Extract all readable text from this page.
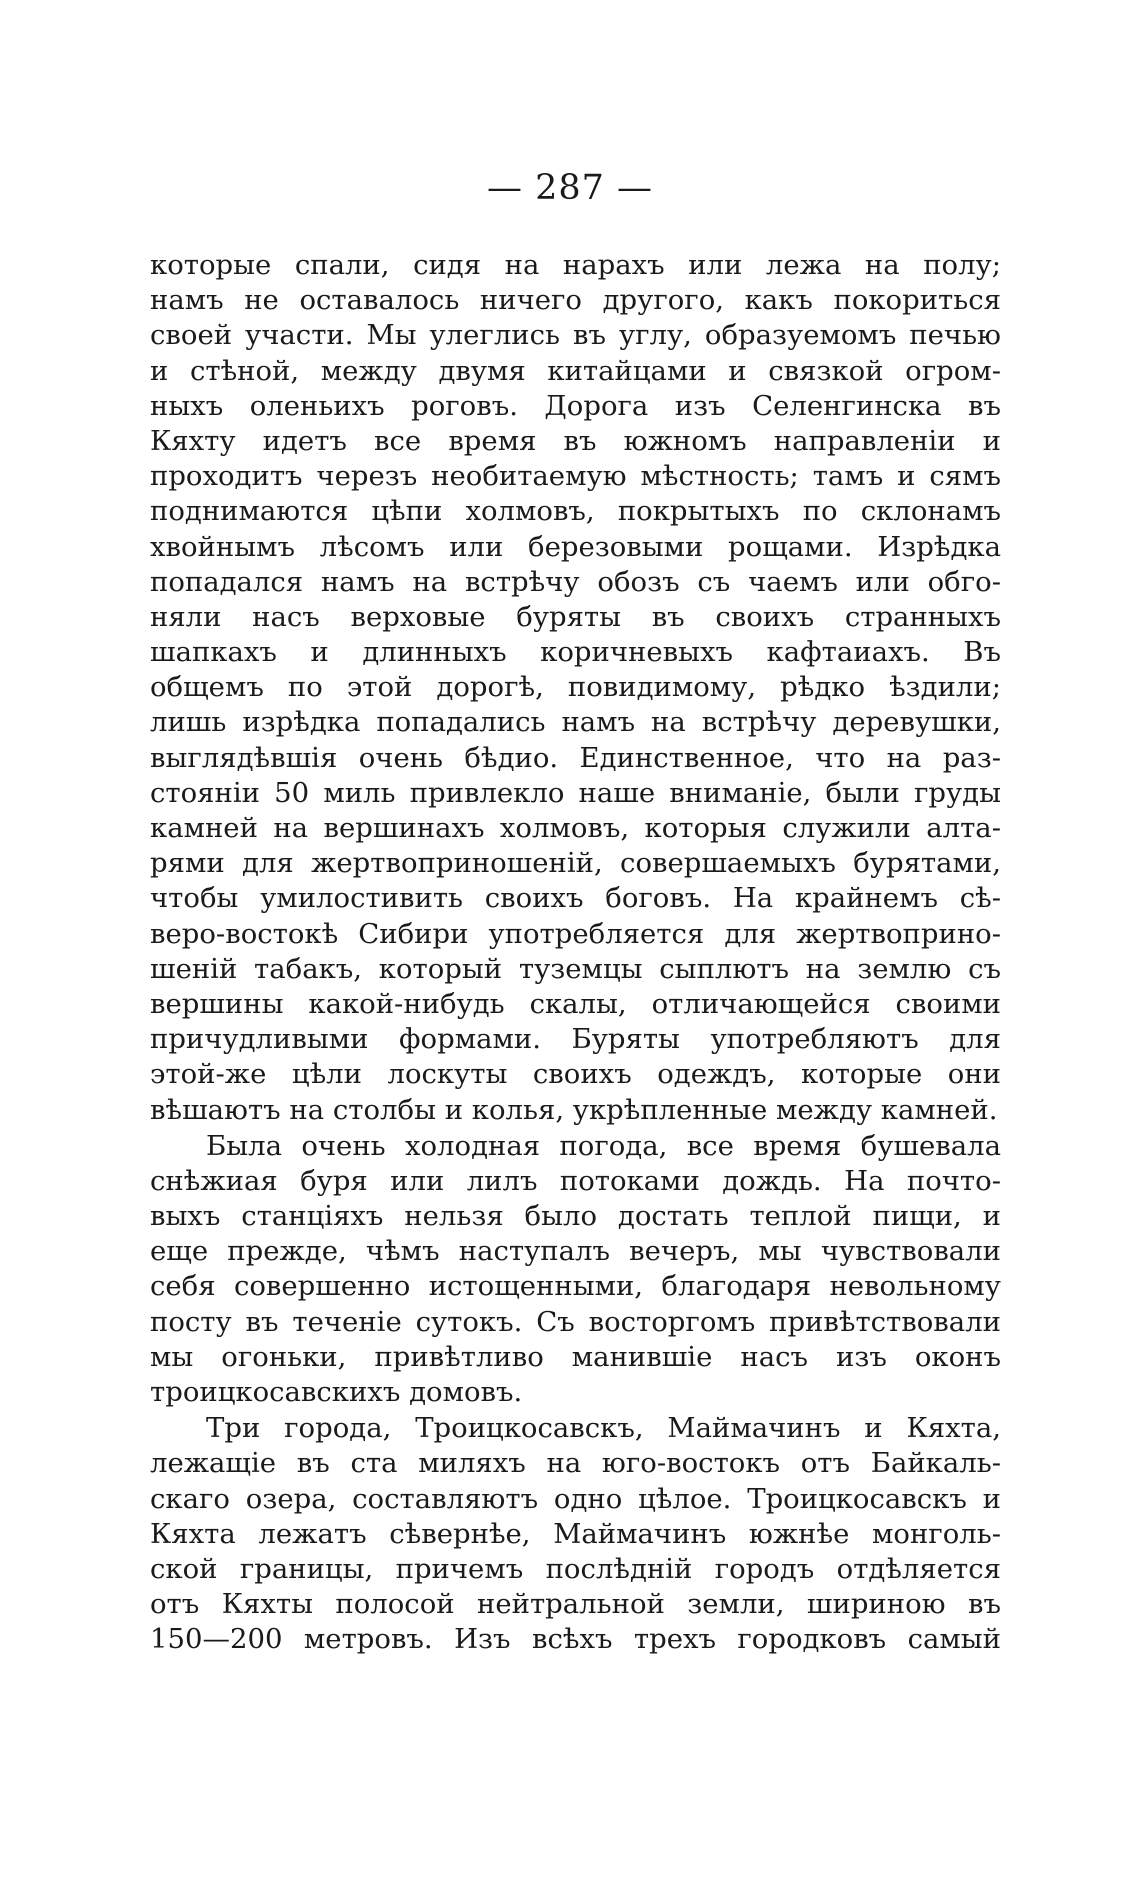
— 287 —
которые спали, сидя на нарахъ или лежа на полу;
намъ не оставалось ничего другого, какъ покориться
своей участи. Мы улеглись въ углу, образуемомъ печью
и стѣной, между двумя китайцами и связкой огром-
ныхъ оленьихъ роговъ. Дорога изъ Селенгинска въ
Кяхту идетъ все время въ южномъ направленіи и
проходитъ черезъ необитаемую мѣстность; тамъ и сямъ
поднимаются цѣпи холмовъ, покрытыхъ по склонамъ
хвойнымъ лѣсомъ или березовыми рощами. Изрѣдка
попадался намъ на встрѣчу обозъ съ чаемъ или обго-
няли насъ верховые буряты въ своихъ странныхъ
шапкахъ и длинныхъ коричневыхъ кафтаиахъ. Въ
общемъ по этой дорогѣ, повидимому, рѣдко ѣздили;
лишь изрѣдка попадались намъ на встрѣчу деревушки,
выглядѣвшія очень бѣдио. Единственное, что на раз-
стояніи 50 миль привлекло наше вниманіе, были груды
камней на вершинахъ холмовъ, которыя служили алта-
рями для жертвоприношеній, совершаемыхъ бурятами,
чтобы умилостивить своихъ боговъ. На крайнемъ сѣ-
веро-востокѣ Сибири употребляется для жертвоприно-
шеній табакъ, который туземцы сыплютъ на землю съ
вершины какой-нибудь скалы, отличающейся своими
причудливыми формами. Буряты употребляютъ для
этой-же цѣли лоскуты своихъ одеждъ, которые они
вѣшаютъ на столбы и колья, укрѣпленные между камней.
Была очень холодная погода, все время бушевала
снѣжиая буря или лилъ потоками дождь. На почто-
выхъ станціяхъ нельзя было достать теплой пищи, и
еще прежде, чѣмъ наступалъ вечеръ, мы чувствовали
себя совершенно истощенными, благодаря невольному
посту въ теченіе сутокъ. Съ восторгомъ привѣтствовали
мы огоньки, привѣтливо манившіе насъ изъ оконъ
троицкосавскихъ домовъ.
Три города, Троицкосавскъ, Маймачинъ и Кяхта,
лежащіе въ ста миляхъ на юго-востокъ отъ Байкаль-
скаго озера, составляютъ одно цѣлое. Троицкосавскъ и
Кяхта лежатъ сѣвернѣе, Маймачинъ южнѣе монголь-
ской границы, причемъ послѣдній городъ отдѣляется
отъ Кяхты полосой нейтральной земли, шириною въ
150—200 метровъ. Изъ всѣхъ трехъ городковъ самый
